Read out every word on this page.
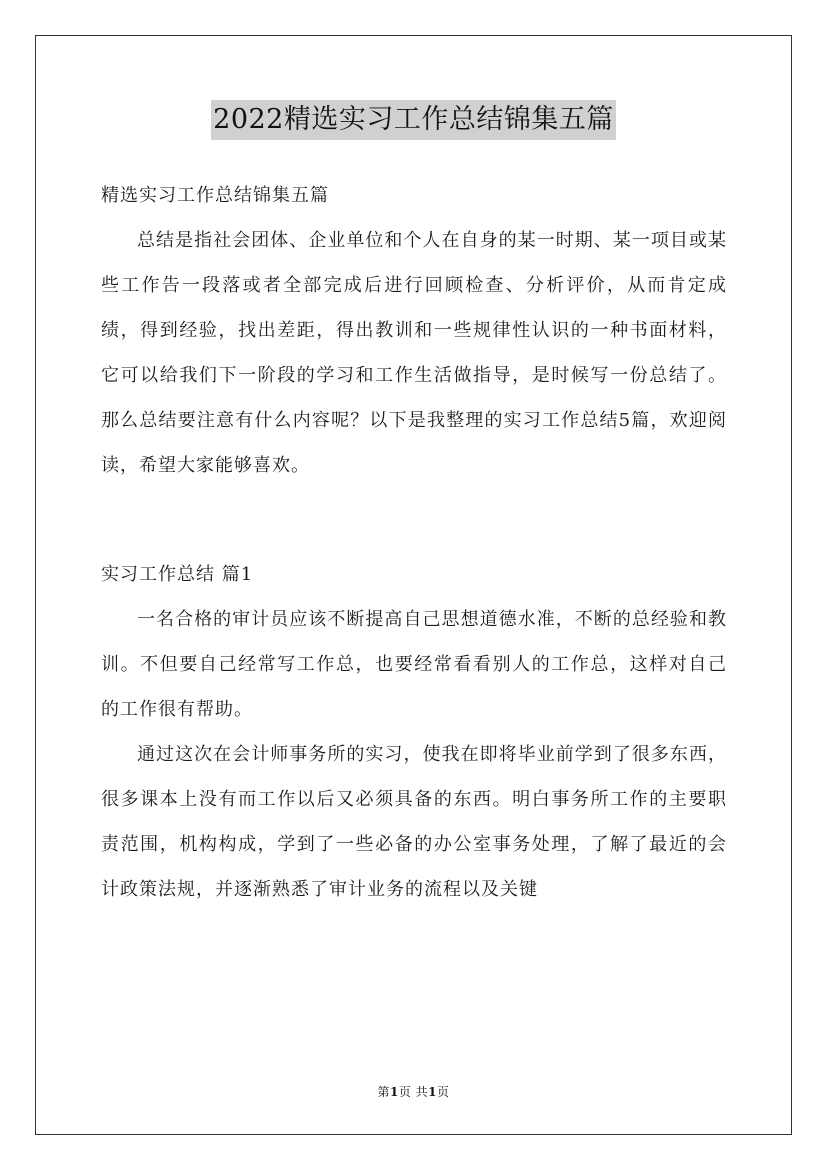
2022精选实习工作总结锦集五篇

精选实习工作总结锦集五篇

总结是指社会团体、企业单位和个人在自身的某一时期、某一项目或某些工作告一段落或者全部完成后进行回顾检查、分析评价，从而肯定成绩，得到经验，找出差距，得出教训和一些规律性认识的一种书面材料，它可以给我们下一阶段的学习和工作生活做指导，是时候写一份总结了。那么总结要注意有什么内容呢？以下是我整理的实习工作总结5篇，欢迎阅读，希望大家能够喜欢。

实习工作总结 篇1

一名合格的审计员应该不断提高自己思想道德水准，不断的总经验和教训。不但要自己经常写工作总，也要经常看看别人的工作总，这样对自己的工作很有帮助。

通过这次在会计师事务所的实习，使我在即将毕业前学到了很多东西，很多课本上没有而工作以后又必须具备的东西。明白事务所工作的主要职责范围，机构构成，学到了一些必备的办公室事务处理，了解了最近的会计政策法规，并逐渐熟悉了审计业务的流程以及关键

第1页 共1页
